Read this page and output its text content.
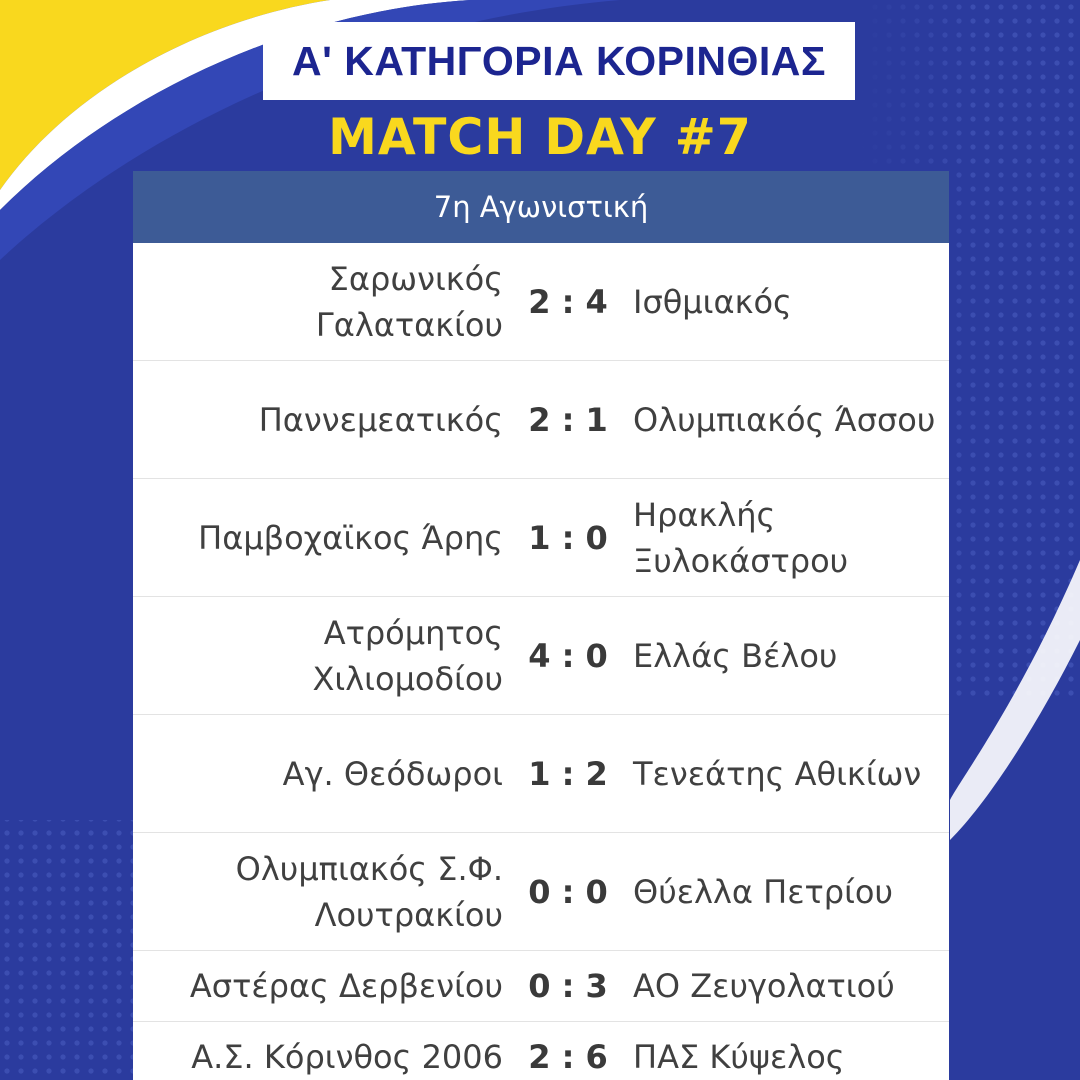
Α' ΚΑΤΗΓΟΡΙΑ ΚΟΡΙΝΘΙΑΣ
MATCH DAY #7
7η Αγωνιστική
Σαρωνικός Γαλατακίου
2 : 4 Ισθμιακός
Παννεμεατικός 2 : 1 Ολυμπιακός Άσσου
Παμβοχαϊκος Άρης 1 : 0
Ηρακλής Ξυλοκάστρου
Ατρόμητος Χιλιομοδίου
4 : 0 Ελλάς Βέλου
Αγ. Θεόδωροι 1 : 2 Τενεάτης Αθικίων
Ολυμπιακός Σ.Φ. Λουτρακίου
0 : 0 Θύελλα Πετρίου
Αστέρας Δερβενίου 0 : 3 ΑΟ Ζευγολατιού
Α.Σ. Κόρινθος 2006 2 : 6 ΠΑΣ Κύψελος
